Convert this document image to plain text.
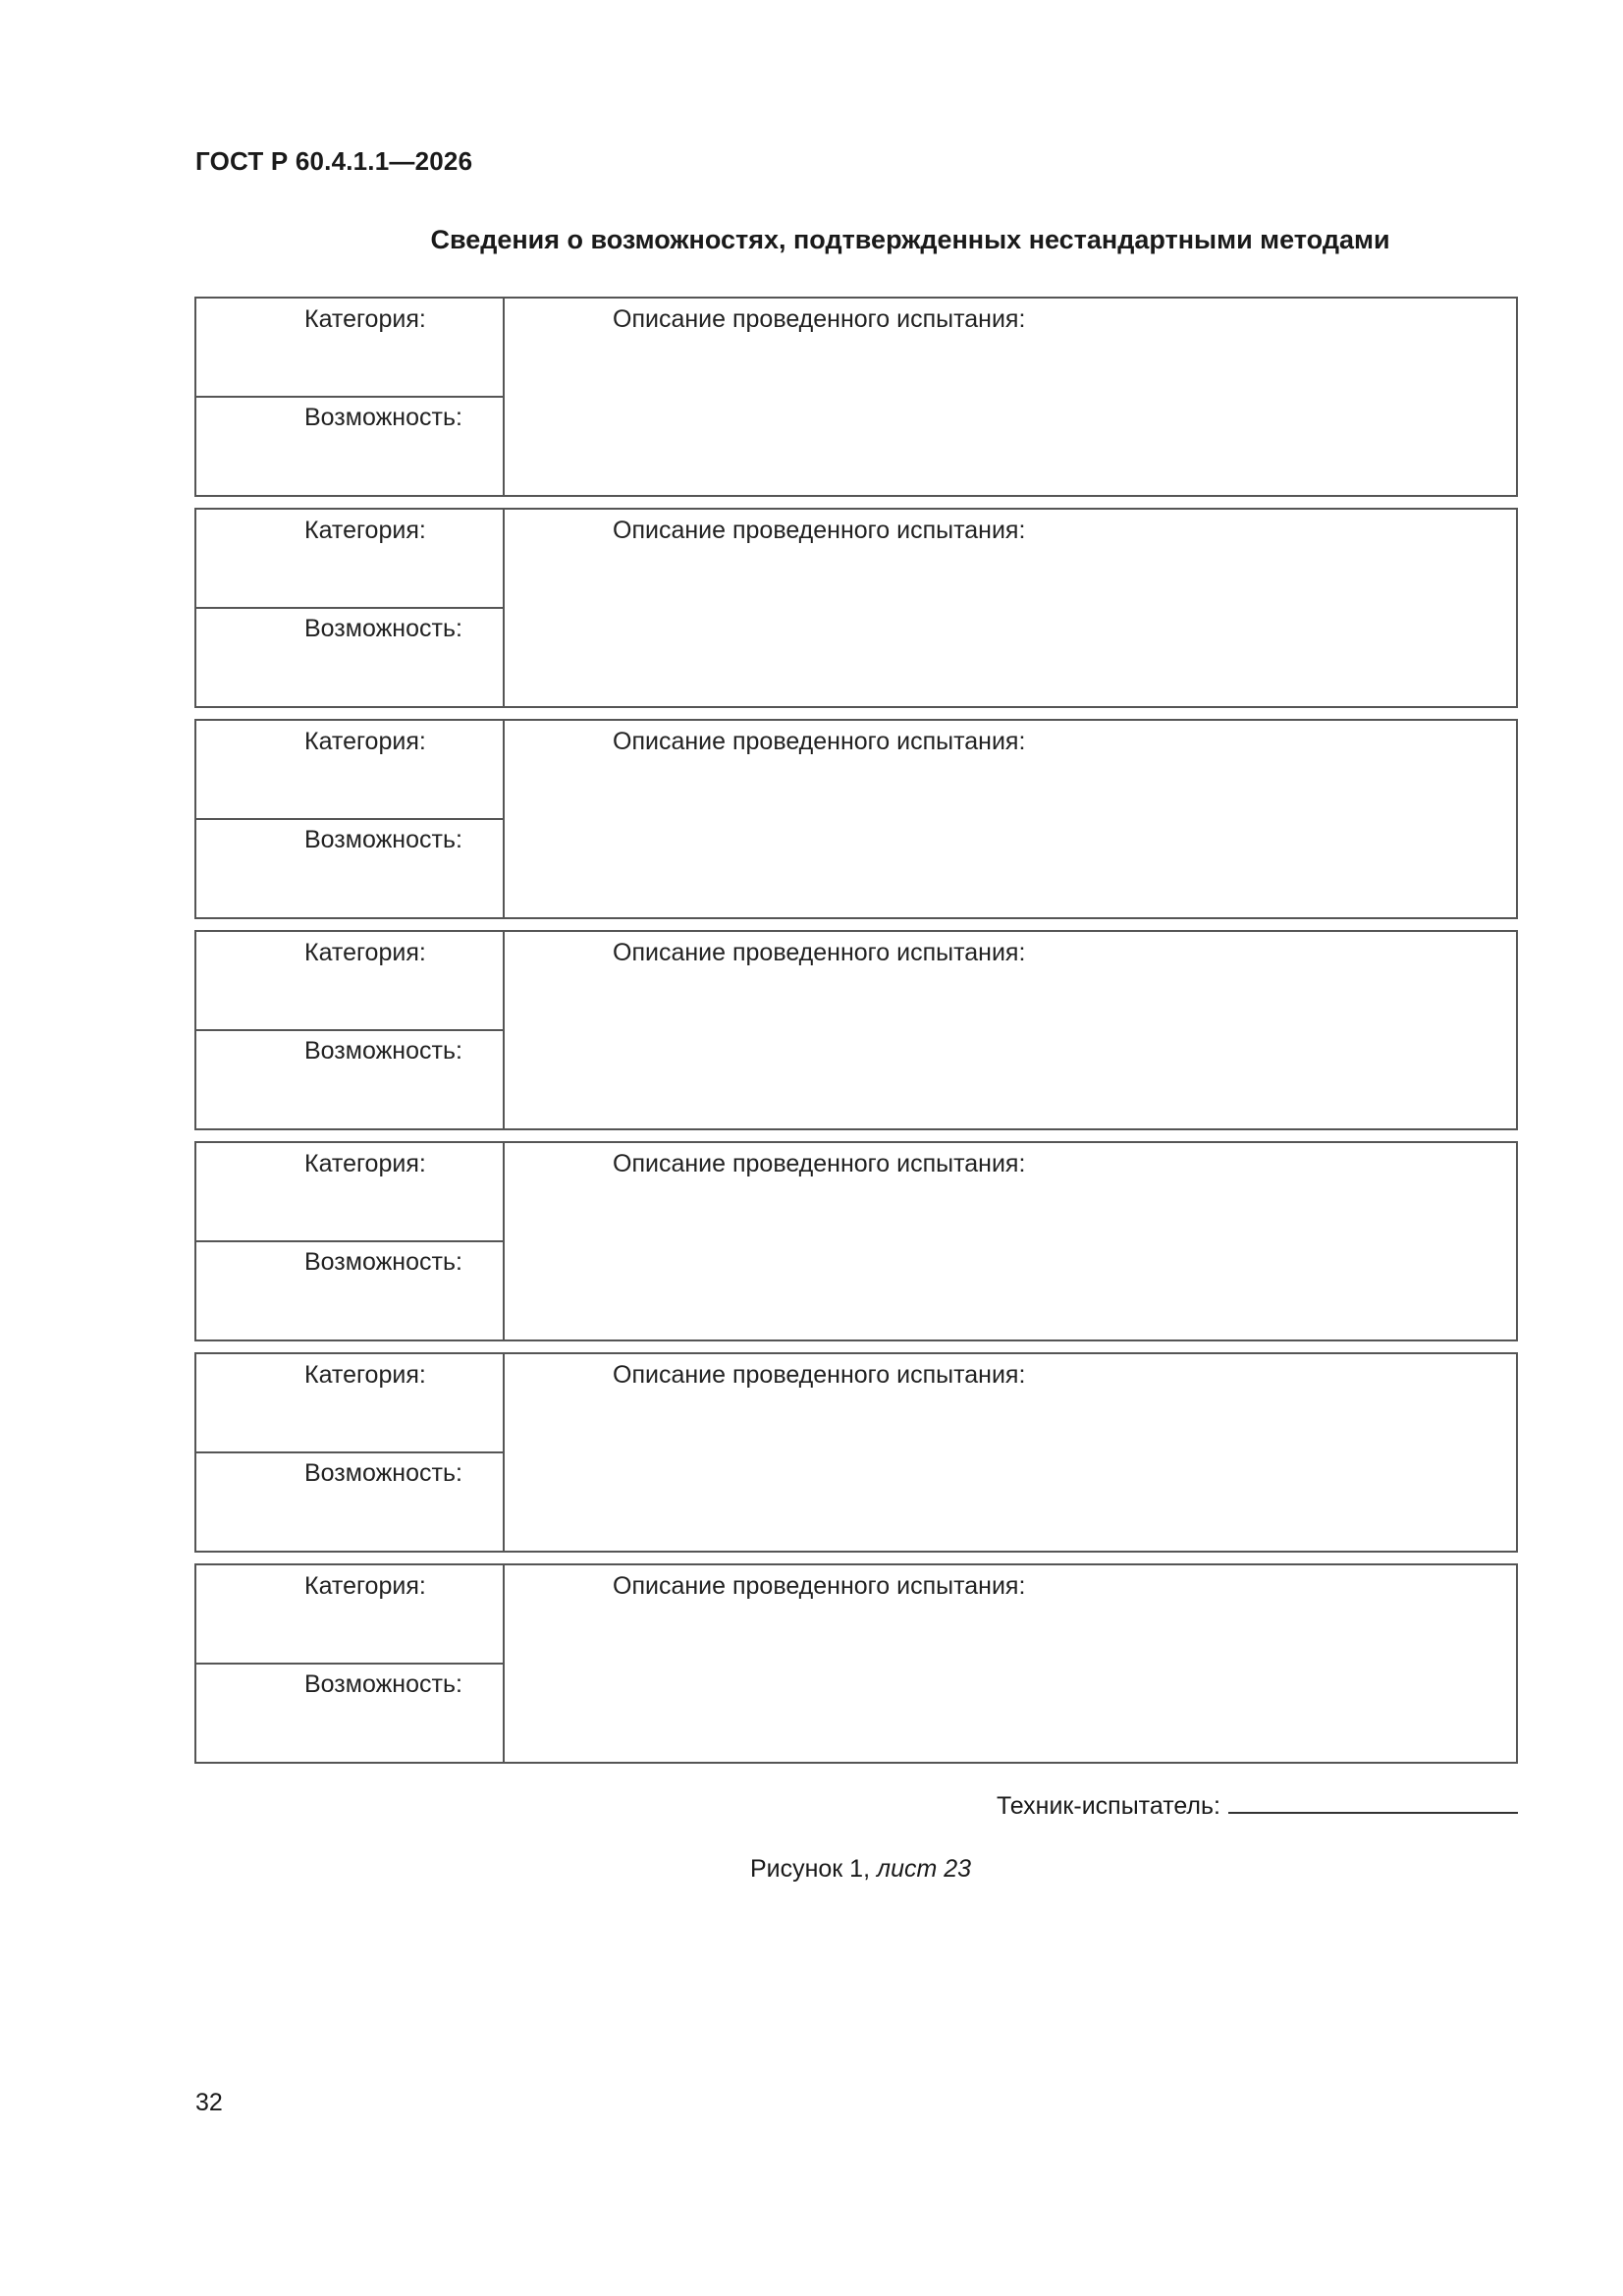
ГОСТ Р 60.4.1.1—2026
Сведения о возможностях, подтвержденных нестандартными методами
Категория:
Возможность:
Описание проведенного испытания:
Категория:
Возможность:
Описание проведенного испытания:
Категория:
Возможность:
Описание проведенного испытания:
Категория:
Возможность:
Описание проведенного испытания:
Категория:
Возможность:
Описание проведенного испытания:
Категория:
Возможность:
Описание проведенного испытания:
Категория:
Возможность:
Описание проведенного испытания:
Техник-испытатель:
Рисунок 1, лист 23
32
